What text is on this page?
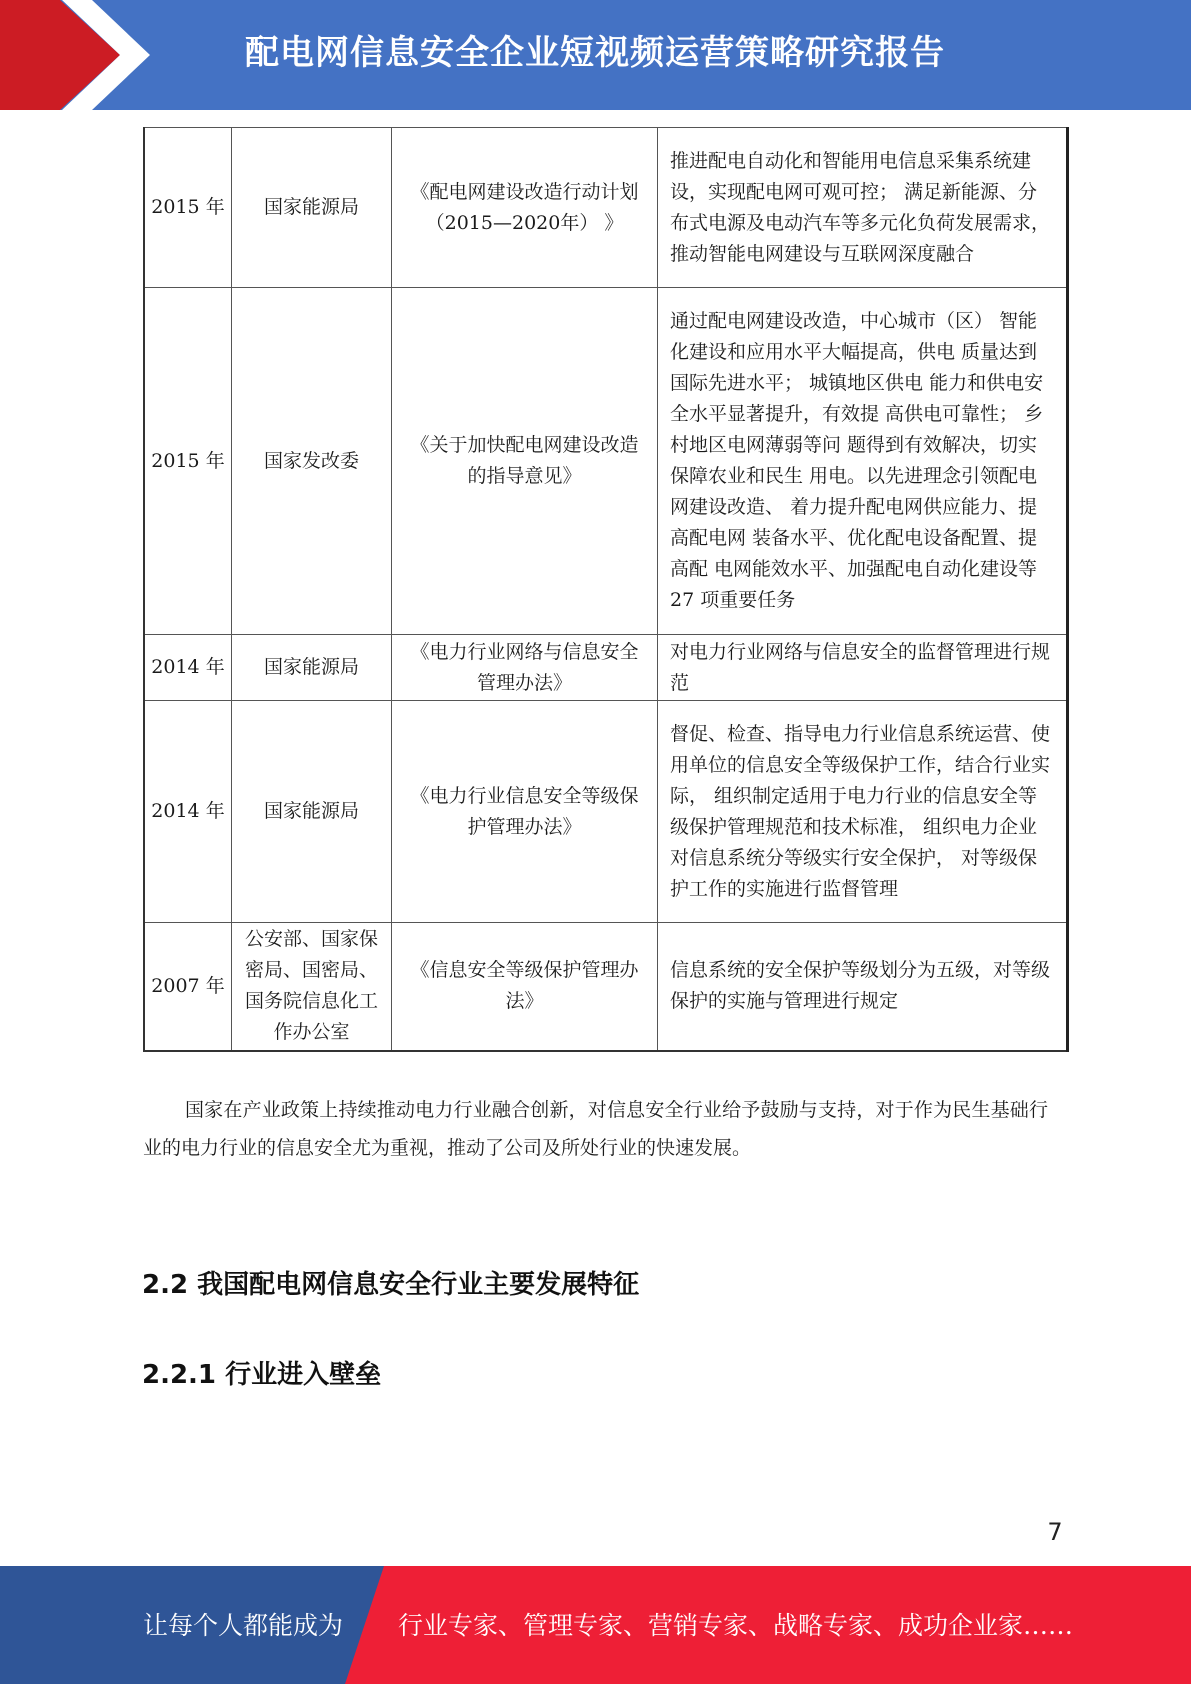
配电网信息安全企业短视频运营策略研究报告
2015 年	国家能源局	《配电网建设改造行动计划（2015—2020年） 》	推进配电自动化和智能用电信息采集系统建设，实现配电网可观可控； 满足新能源、分布式电源及电动汽车等多元化负荷发展需求， 推动智能电网建设与互联网深度融合
2015 年	国家发改委	《关于加快配电网建设改造的指导意见》	通过配电网建设改造，中心城市（区） 智能化建设和应用水平大幅提高，供电 质量达到国际先进水平； 城镇地区供电 能力和供电安全水平显著提升，有效提 高供电可靠性； 乡村地区电网薄弱等问 题得到有效解决，切实保障农业和民生 用电。以先进理念引领配电网建设改造、 着力提升配电网供应能力、提高配电网 装备水平、优化配电设备配置、提高配 电网能效水平、加强配电自动化建设等 27 项重要任务
2014 年	国家能源局	《电力行业网络与信息安全管理办法》	对电力行业网络与信息安全的监督管理进行规范
2014 年	国家能源局	《电力行业信息安全等级保护管理办法》	督促、检查、指导电力行业信息系统运营、使用单位的信息安全等级保护工作，结合行业实际， 组织制定适用于电力行业的信息安全等级保护管理规范和技术标准， 组织电力企业对信息系统分等级实行安全保护， 对等级保护工作的实施进行监督管理
2007 年	公安部、国家保密局、国密局、国务院信息化工作办公室	《信息安全等级保护管理办法》	信息系统的安全保护等级划分为五级，对等级保护的实施与管理进行规定

国家在产业政策上持续推动电力行业融合创新，对信息安全行业给予鼓励与支持，对于作为民生基础行业的电力行业的信息安全尤为重视，推动了公司及所处行业的快速发展。

2.2 我国配电网信息安全行业主要发展特征
2.2.1 行业进入壁垒
7
让每个人都能成为 行业专家、管理专家、营销专家、战略专家、成功企业家……
